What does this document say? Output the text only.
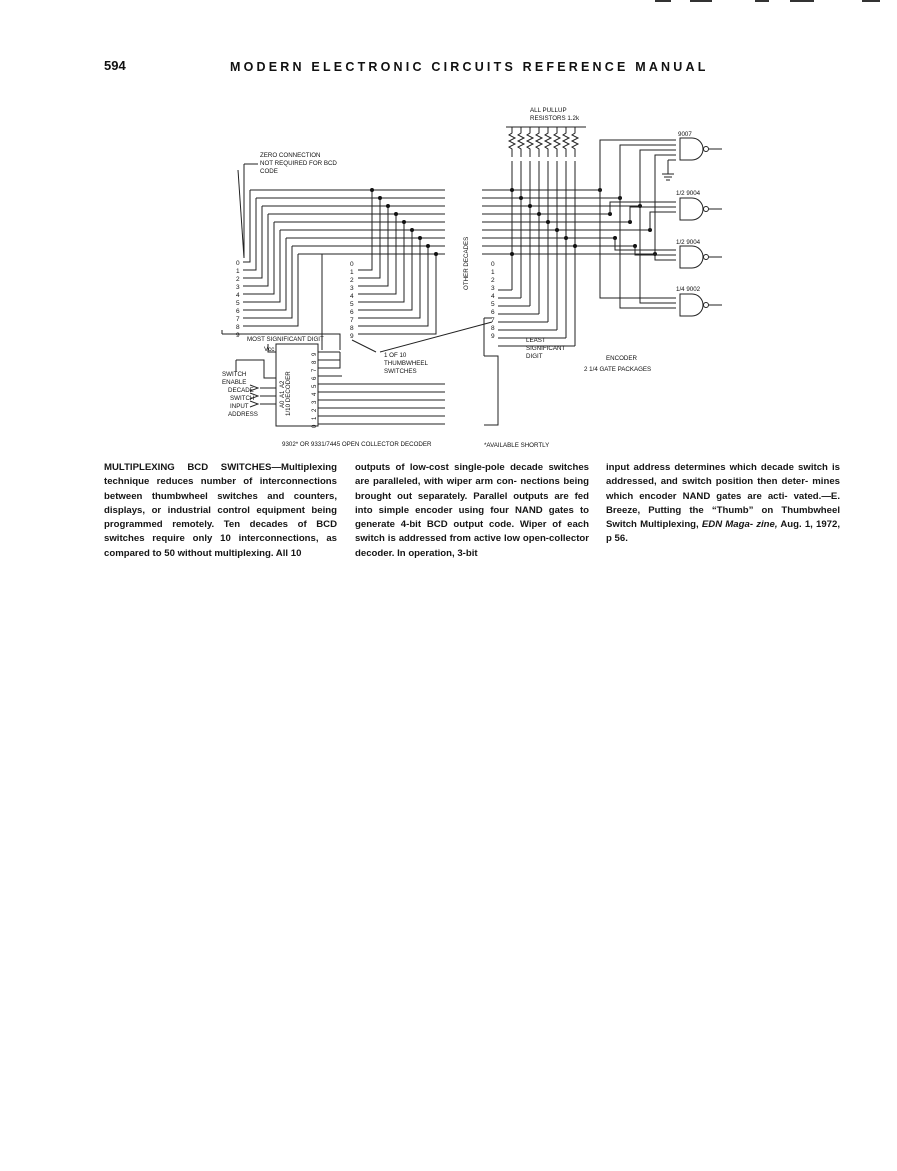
594	MODERN ELECTRONIC CIRCUITS REFERENCE MANUAL
ALL PULLUP
RESISTORS 1.2k
ZERO CONNECTION
NOT REQUIRED FOR BCD
CODE
MOST SIGNIFICANT DIGIT	LEAST
SIGNIFICANT
DIGIT
1 OF 10
THUMBWHEEL
SWITCHES
ENCODER
2 1/4 GATE PACKAGES
9007
1/2 9004
1/2 9004
1/4 9002
Vcc
SWITCH
ENABLE
DECADE
SWITCH
INPUT
ADDRESS
9302* OR 9331/7445 OPEN COLLECTOR DECODER	*AVAILABLE SHORTLY
OTHER DECADES
1/10 DECODER
0
1
2
3
4
5
6
7
8
9
0
1
2
3
4
5
6
7
8
9
0
1
2
3
4
5
6
7
8
9
0
1
2
3
4
5
6
7
8
9
A0
A1
A2
MULTIPLEXING BCD SWITCHES—Multiplexing technique reduces number of interconnections between thumbwheel switches and counters, displays, or industrial control equipment being programmed remotely. Ten decades of BCD switches require only 10 interconnections, as compared to 50 without multiplexing. All 10
outputs of low-cost single-pole decade switches are paralleled, with wiper arm con- nections being brought out separately. Parallel outputs are fed into simple encoder using four NAND gates to generate 4-bit BCD output code. Wiper of each switch is addressed from active low open-collector decoder. In operation, 3-bit
input address determines which decade switch is addressed, and switch position then deter- mines which encoder NAND gates are acti- vated.—E. Breeze, Putting the “Thumb” on Thumbwheel Switch Multiplexing, EDN Maga- zine, Aug. 1, 1972, p 56.
